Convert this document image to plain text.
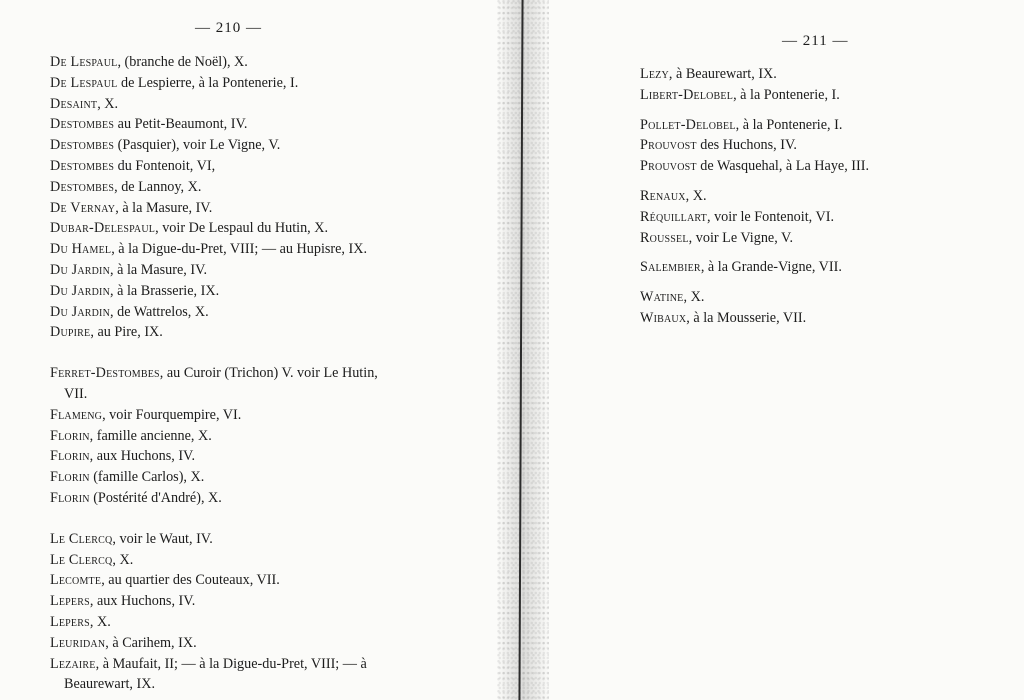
— 210 —
De Lespaul, (branche de Noël), X.
De Lespaul de Lespierre, à la Pontenerie, I.
Desaint, X.
Destombes au Petit-Beaumont, IV.
Destombes (Pasquier), voir Le Vigne, V.
Destombes du Fontenoit, VI,
Destombes, de Lannoy, X.
De Vernay, à la Masure, IV.
Dubar-Delespaul, voir De Lespaul du Hutin, X.
Du Hamel, à la Digue-du-Pret, VIII; — au Hupisre, IX.
Du Jardin, à la Masure, IV.
Du Jardin, à la Brasserie, IX.
Du Jardin, de Wattrelos, X.
Dupire, au Pire, IX.
Ferret-Destombes, au Curoir (Trichon) V. voir Le Hutin,
VII.
Flameng, voir Fourquempire, VI.
Florin, famille ancienne, X.
Florin, aux Huchons, IV.
Florin (famille Carlos), X.
Florin (Postérité d'André), X.
Le Clercq, voir le Waut, IV.
Le Clercq, X.
Lecomte, au quartier des Couteaux, VII.
Lepers, aux Huchons, IV.
Lepers, X.
Leuridan, à Carihem, IX.
Lezaire, à Maufait, II; — à la Digue-du-Pret, VIII; — à
Beaurewart, IX.
— 211 —
Lezy, à Beaurewart, IX.
Libert-Delobel, à la Pontenerie, I.
Pollet-Delobel, à la Pontenerie, I.
Prouvost des Huchons, IV.
Prouvost de Wasquehal, à La Haye, III.
Renaux, X.
Réquillart, voir le Fontenoit, VI.
Roussel, voir Le Vigne, V.
Salembier, à la Grande-Vigne, VII.
Watine, X.
Wibaux, à la Mousserie, VII.
